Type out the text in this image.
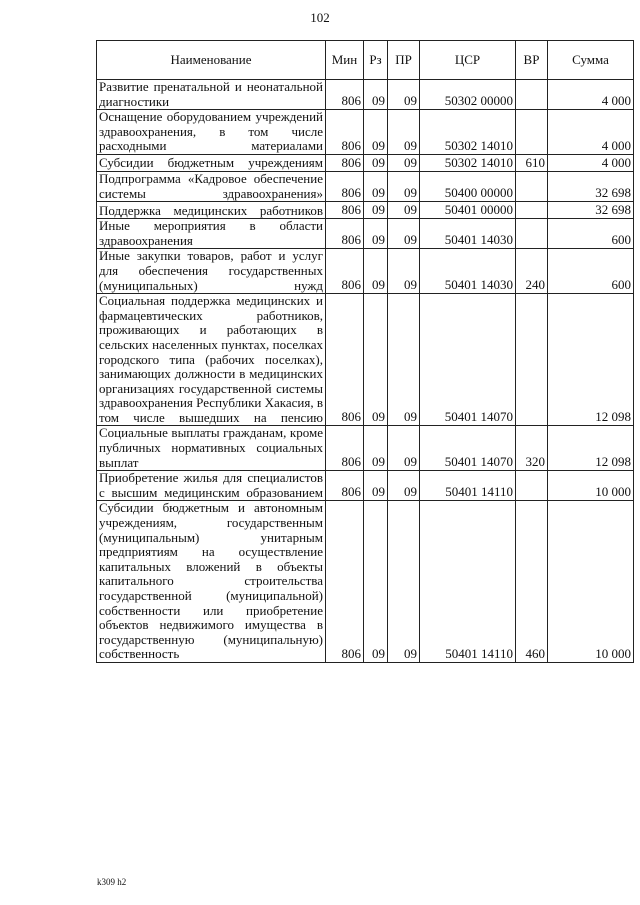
102
Наименование	Мин	Рз	ПР	ЦСР	ВР	Сумма
Развитие пренатальной и неонатальной диагностики	806	09	09	50302 00000		4 000
Оснащение оборудованием учреждений здравоохранения, в том числе расходными материалами	806	09	09	50302 14010		4 000
Субсидии бюджетным учреждениям	806	09	09	50302 14010	610	4 000
Подпрограмма «Кадровое обеспечение системы здравоохранения»	806	09	09	50400 00000		32 698
Поддержка медицинских работников	806	09	09	50401 00000		32 698
Иные мероприятия в области здравоохранения	806	09	09	50401 14030		600
Иные закупки товаров, работ и услуг для обеспечения государственных (муниципальных) нужд	806	09	09	50401 14030	240	600
Социальная поддержка медицинских и фармацевтических работников, проживающих и работающих в сельских населенных пунктах, поселках городского типа (рабочих поселках), занимающих должности в медицинских организациях государственной системы здравоохранения Республики Хакасия, в том числе вышедших на пенсию	806	09	09	50401 14070		12 098
Социальные выплаты гражданам, кроме публичных нормативных социальных выплат	806	09	09	50401 14070	320	12 098
Приобретение жилья для специалистов с высшим медицинским образованием	806	09	09	50401 14110		10 000
Субсидии бюджетным и автономным учреждениям, государственным (муниципальным) унитарным предприятиям на осуществление капитальных вложений в объекты капитального строительства государственной (муниципальной) собственности или приобретение объектов недвижимого имущества в государственную (муниципальную) собственность	806	09	09	50401 14110	460	10 000
k309 h2
